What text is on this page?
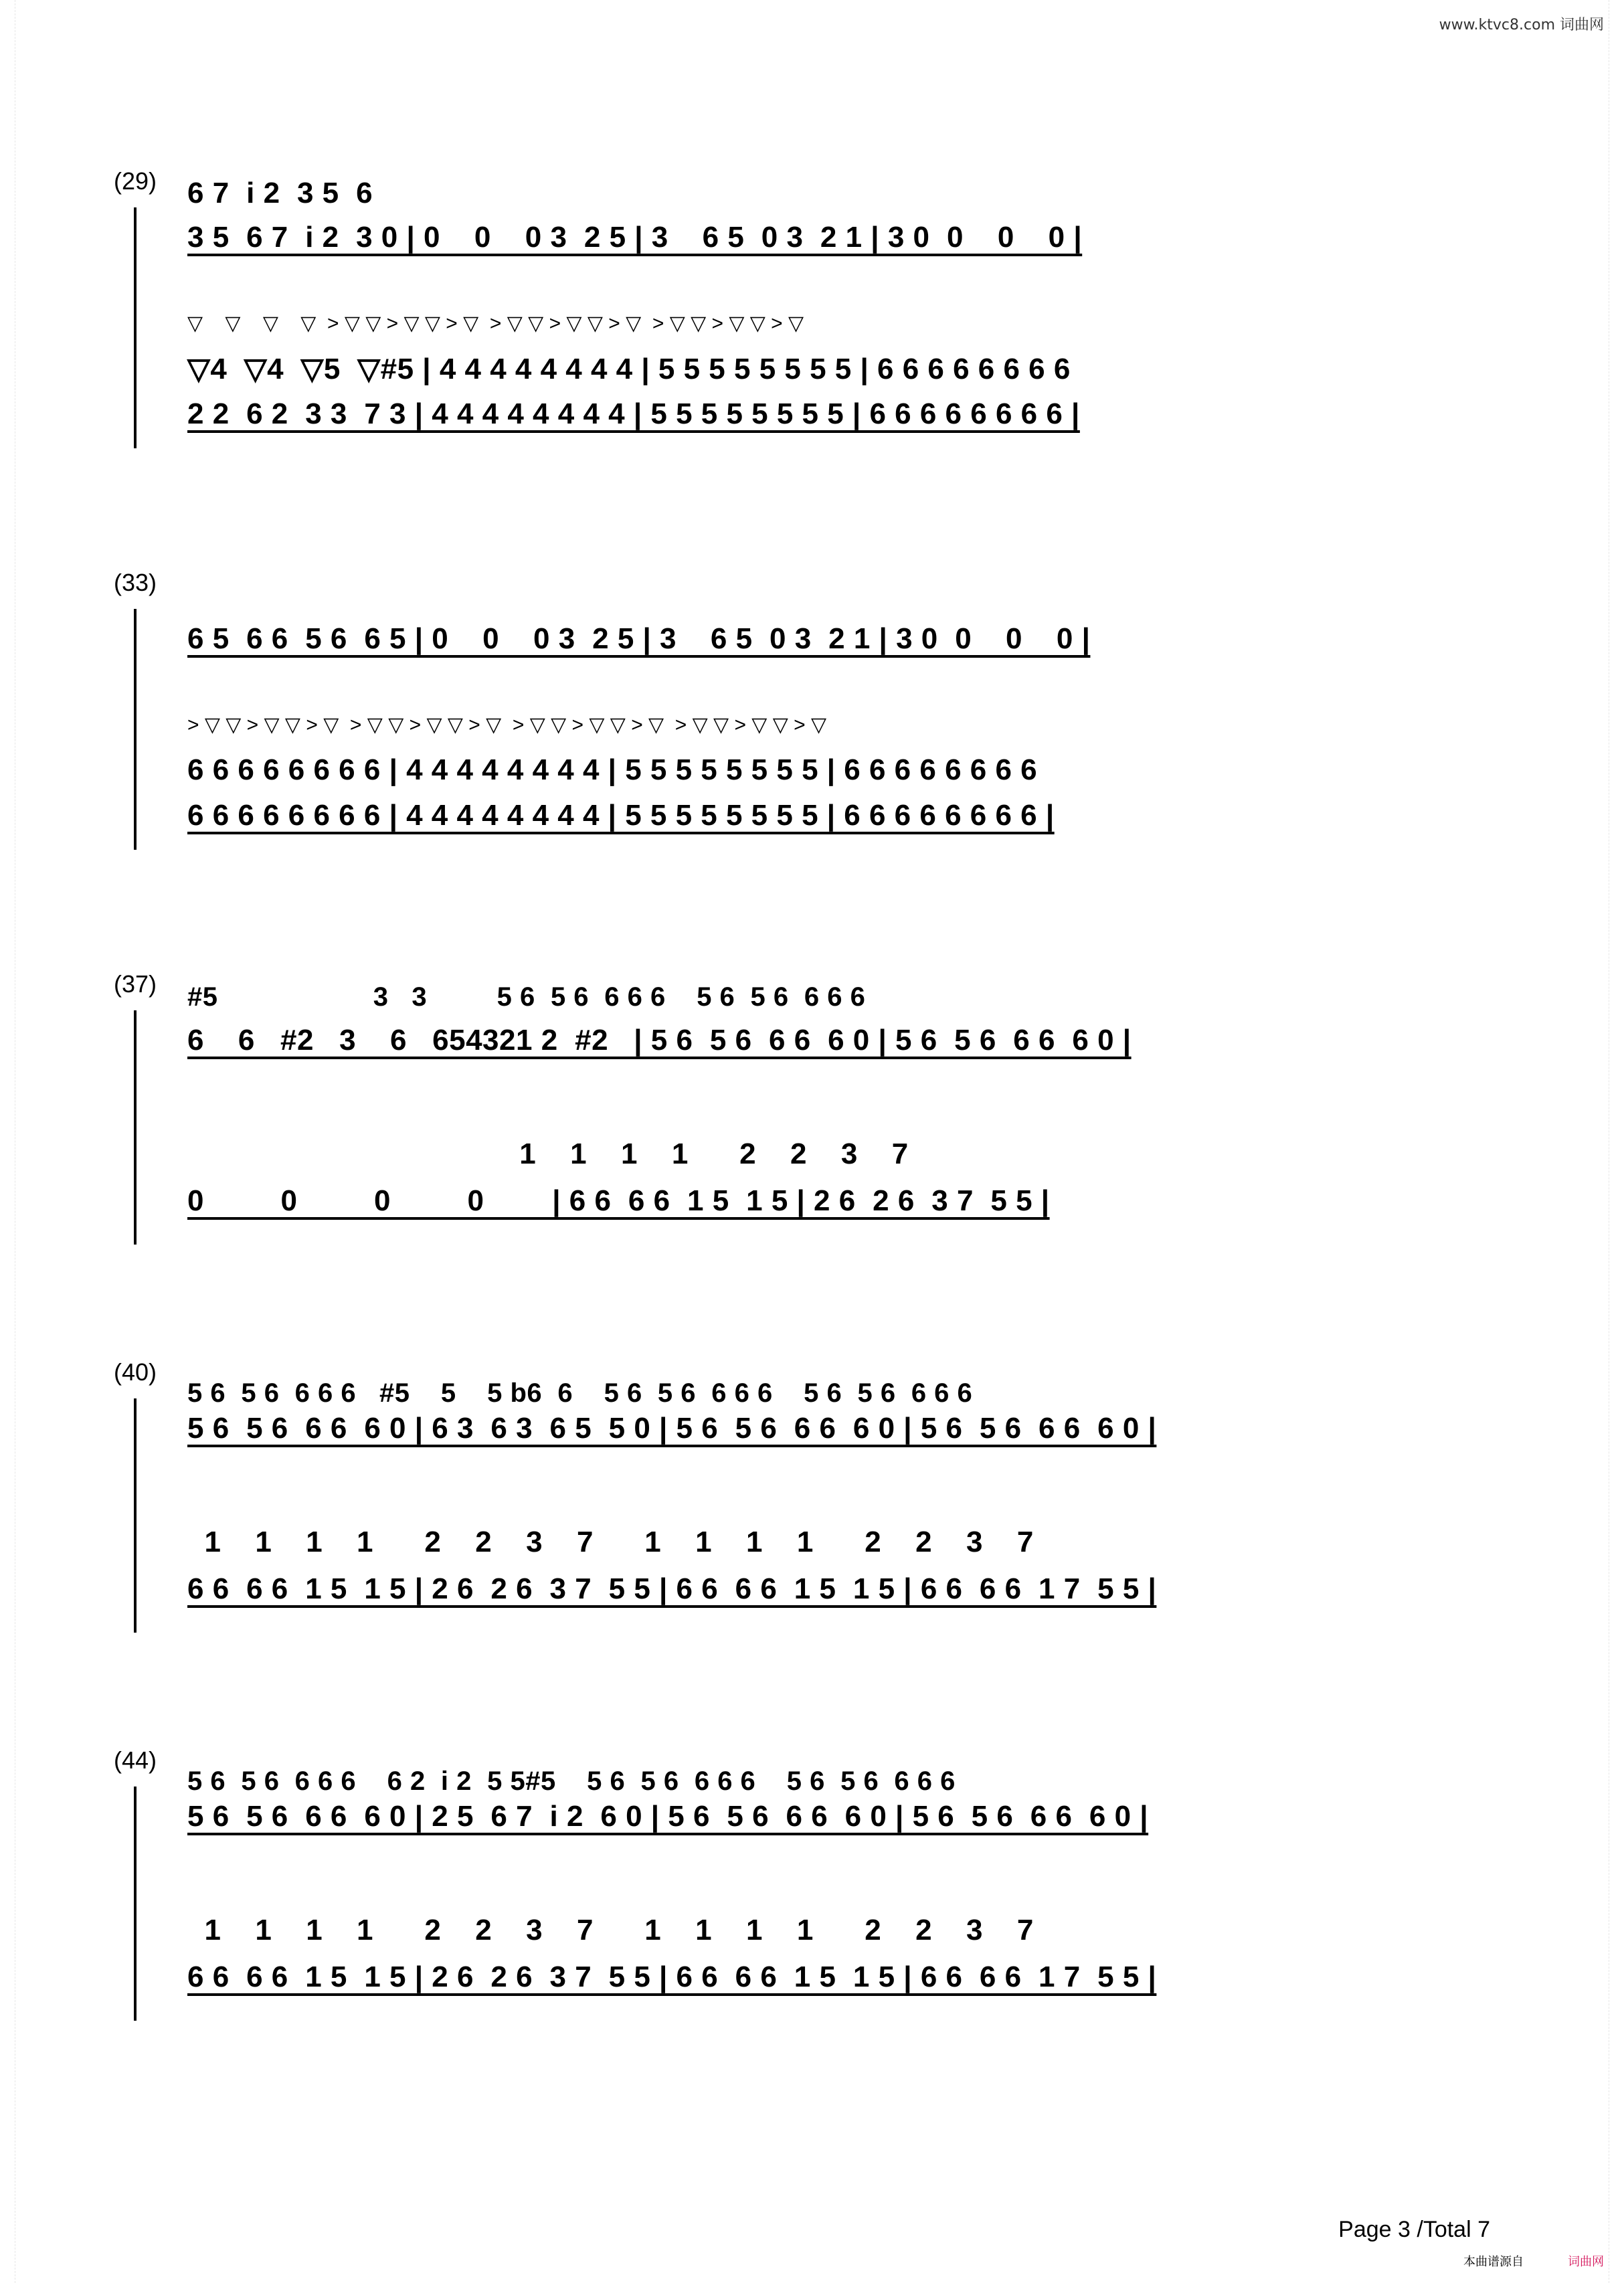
www.ktvc8.com 词曲网
(29) 6 7  i 2  3 5  6
3 5  6 7  i 2  3 0 | 0    0    0 3  2 5 | 3    6 5  0 3  2 1 | 3 0  0    0    0 |
▽    ▽    ▽    ▽  > ▽ ▽ > ▽ ▽ > ▽  > ▽ ▽ > ▽ ▽ > ▽  > ▽ ▽ > ▽ ▽ > ▽
▽4  ▽4  ▽5  ▽#5 | 4 4 4 4 4 4 4 4 | 5 5 5 5 5 5 5 5 | 6 6 6 6 6 6 6 6
2 2  6 2  3 3  7 3 | 4 4 4 4 4 4 4 4 | 5 5 5 5 5 5 5 5 | 6 6 6 6 6 6 6 6 |
(33)
6 5  6 6  5 6  6 5 | 0    0    0 3  2 5 | 3    6 5  0 3  2 1 | 3 0  0    0    0 |
> ▽ ▽ > ▽ ▽ > ▽  > ▽ ▽ > ▽ ▽ > ▽  > ▽ ▽ > ▽ ▽ > ▽  > ▽ ▽ > ▽ ▽ > ▽
6 6 6 6 6 6 6 6 | 4 4 4 4 4 4 4 4 | 5 5 5 5 5 5 5 5 | 6 6 6 6 6 6 6 6
6 6 6 6 6 6 6 6 | 4 4 4 4 4 4 4 4 | 5 5 5 5 5 5 5 5 | 6 6 6 6 6 6 6 6 |
(37) #5                    3   3         5 6  5 6  6 6 6    5 6  5 6  6 6 6
6    6   #2   3    6   654321 2  #2   | 5 6  5 6  6 6  6 0 | 5 6  5 6  6 6  6 0 |
1    1    1    1      2    2    3    7
0         0         0         0        | 6 6  6 6  1 5  1 5 | 2 6  2 6  3 7  5 5 |
(40)
5 6  5 6  6 6 6   #5    5    5 b6  6    5 6  5 6  6 6 6    5 6  5 6  6 6 6
5 6  5 6  6 6  6 0 | 6 3  6 3  6 5  5 0 | 5 6  5 6  6 6  6 0 | 5 6  5 6  6 6  6 0 |
1    1    1    1      2    2    3    7      1    1    1    1      2    2    3    7
6 6  6 6  1 5  1 5 | 2 6  2 6  3 7  5 5 | 6 6  6 6  1 5  1 5 | 6 6  6 6  1 7  5 5 |
(44)
5 6  5 6  6 6 6    6 2  i 2  5 5#5    5 6  5 6  6 6 6    5 6  5 6  6 6 6
5 6  5 6  6 6  6 0 | 2 5  6 7  i 2  6 0 | 5 6  5 6  6 6  6 0 | 5 6  5 6  6 6  6 0 |
1    1    1    1      2    2    3    7      1    1    1    1      2    2    3    7
6 6  6 6  1 5  1 5 | 2 6  2 6  3 7  5 5 | 6 6  6 6  1 5  1 5 | 6 6  6 6  1 7  5 5 |
Page 3 /Total 7
本曲谱源自	词曲网
